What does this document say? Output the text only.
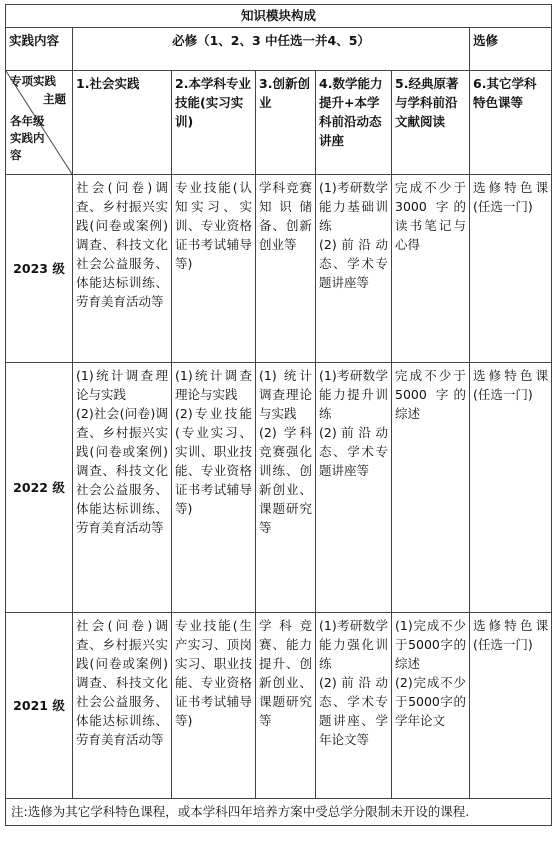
知识模块构成						
实践内容	必修（1、2、3 中任选一并4、5）					选修

专项实践
主题
各年级实践内容	1.社会实践	2.本学科专业技能(实习实训)	3.创新创业	4.数学能力提升+本学科前沿动态讲座	5.经典原著与学科前沿文献阅读	6.其它学科特色课等
2023 级	社会(问卷)调查、乡村振兴实践(问卷或案例)调查、科技文化社会公益服务、体能达标训练、劳育美育活动等	专业技能(认知实习、实训、专业资格证书考试辅导等)	学科竞赛知识储备、创新创业等	(1)考研数学能力基础训练
(2)前沿动态、学术专题讲座等	完成不少于 3000 字的读书笔记与心得	选修特色课(任选一门)
2022 级	(1)统计调查理论与实践
(2)社会(问卷)调查、乡村振兴实践(问卷或案例)调查、科技文化社会公益服务、体能达标训练、劳育美育活动等	(1)统计调查理论与实践
(2)专业技能(专业实习、实训、职业技能、专业资格证书考试辅导等)	(1) 统计调查理论与实践
(2) 学科竞赛强化训练、创新创业、课题研究等	(1)考研数学能力提升训练
(2)前沿动态、学术专题讲座等	完成不少于 5000 字的综述	选修特色课(任选一门)
2021 级	社会(问卷)调查、乡村振兴实践(问卷或案例)调查、科技文化社会公益服务、体能达标训练、劳育美育活动等	专业技能(生产实习、顶岗实习、职业技能、专业资格证书考试辅导等)	学科竞赛、能力提升、创新创业、课题研究等	(1)考研数学能力强化训练
(2)前沿动态、学术专题讲座、学年论文等	(1)完成不少于5000字的综述
(2)完成不少于5000字的学年论文	选修特色课(任选一门)
注:选修为其它学科特色课程，或本学科四年培养方案中受总学分限制未开设的课程.						
